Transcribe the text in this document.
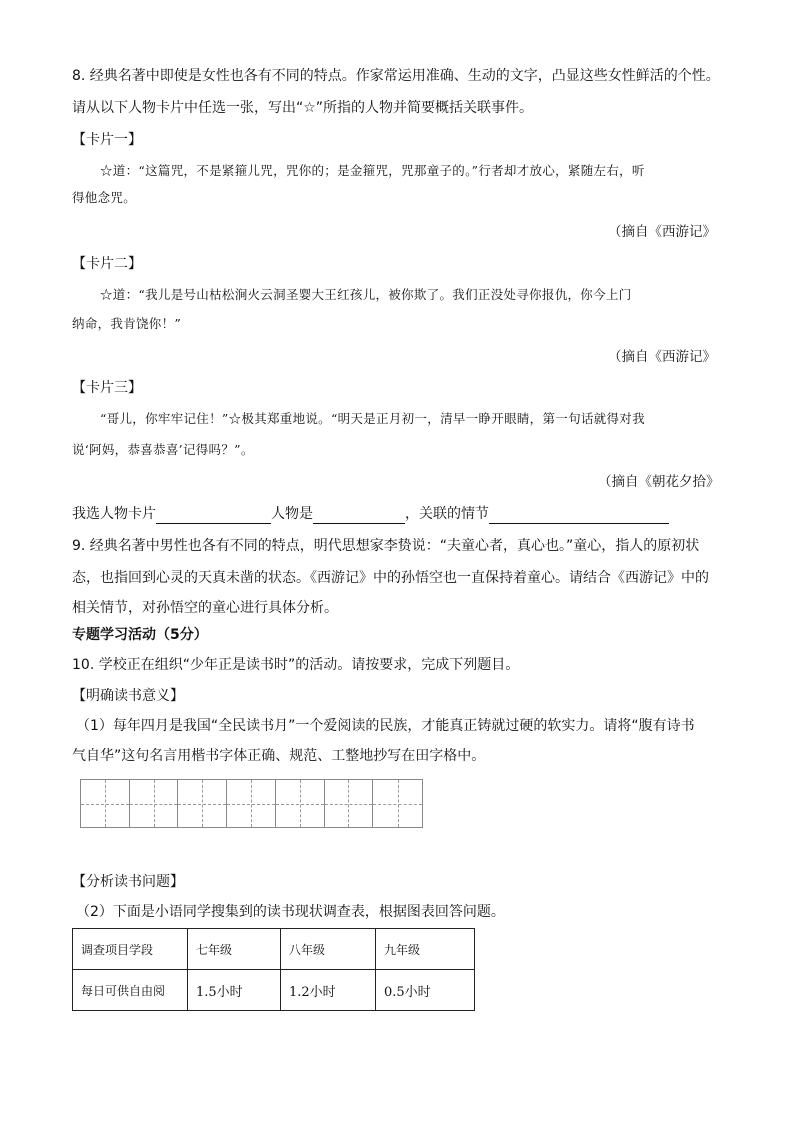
8. 经典名著中即使是女性也各有不同的特点。作家常运用准确、生动的文字，凸显这些女性鲜活的个性。
请从以下人物卡片中任选一张，写出“☆”所指的人物并简要概括关联事件。
【卡片一】
☆道：“这篇咒，不是紧箍儿咒，咒你的；是金箍咒，咒那童子的。”行者却才放心，紧随左右，听
得他念咒。
（摘自《西游记》
【卡片二】
☆道：“我儿是号山枯松涧火云洞圣婴大王红孩儿，被你欺了。我们正没处寻你报仇，你今上门
纳命，我肯饶你！”
（摘自《西游记》
【卡片三】
“哥儿，你牢牢记住！”☆极其郑重地说。“明天是正月初一，清早一睁开眼睛，第一句话就得对我
说‘阿妈，恭喜恭喜’记得吗？”。
（摘自《朝花夕拾》
我选人物卡片	人物是	，关联的情节
9. 经典名著中男性也各有不同的特点，明代思想家李贽说：“夫童心者，真心也。”童心，指人的原初状
态，也指回到心灵的天真未凿的状态。《西游记》中的孙悟空也一直保持着童心。请结合《西游记》中的
相关情节，对孙悟空的童心进行具体分析。
专题学习活动（5分）
10. 学校正在组织“少年正是读书时”的活动。请按要求，完成下列题目。
【明确读书意义】
（1）每年四月是我国“全民读书月”一个爱阅读的民族，才能真正铸就过硬的软实力。请将“腹有诗书
气自华”这句名言用楷书字体正确、规范、工整地抄写在田字格中。
【分析读书问题】
（2）下面是小语同学搜集到的读书现状调查表，根据图表回答问题。
调查项目学段	七年级	八年级	九年级
每日可供自由阅	1.5小时	1.2小时	0.5小时
